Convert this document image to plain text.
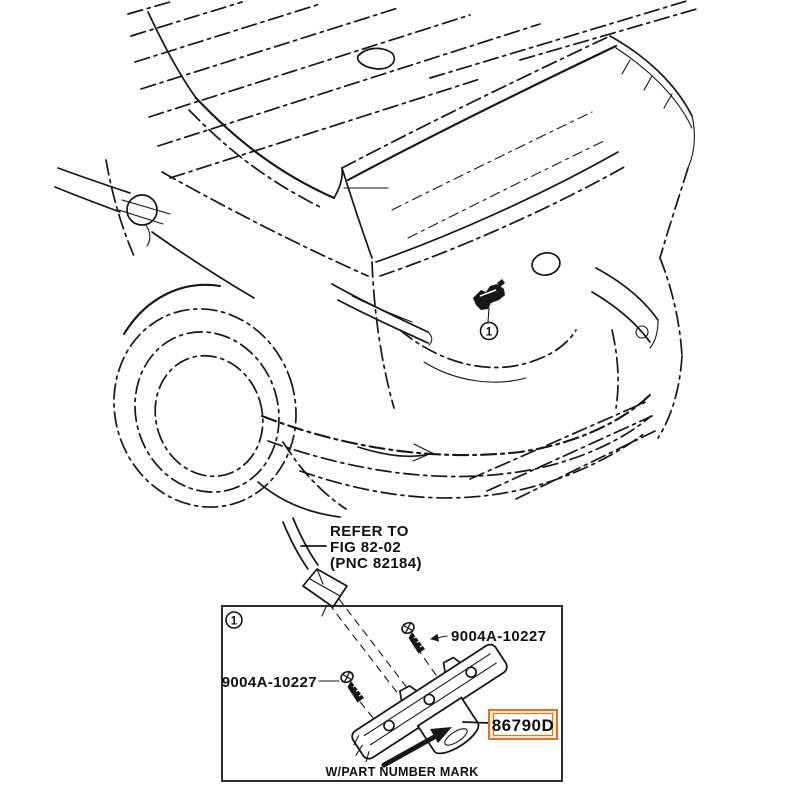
1
REFER TO
FIG 82-02
(PNC 82184)
1
9004A-10227
9004A-10227
86790D
W/PART NUMBER MARK
